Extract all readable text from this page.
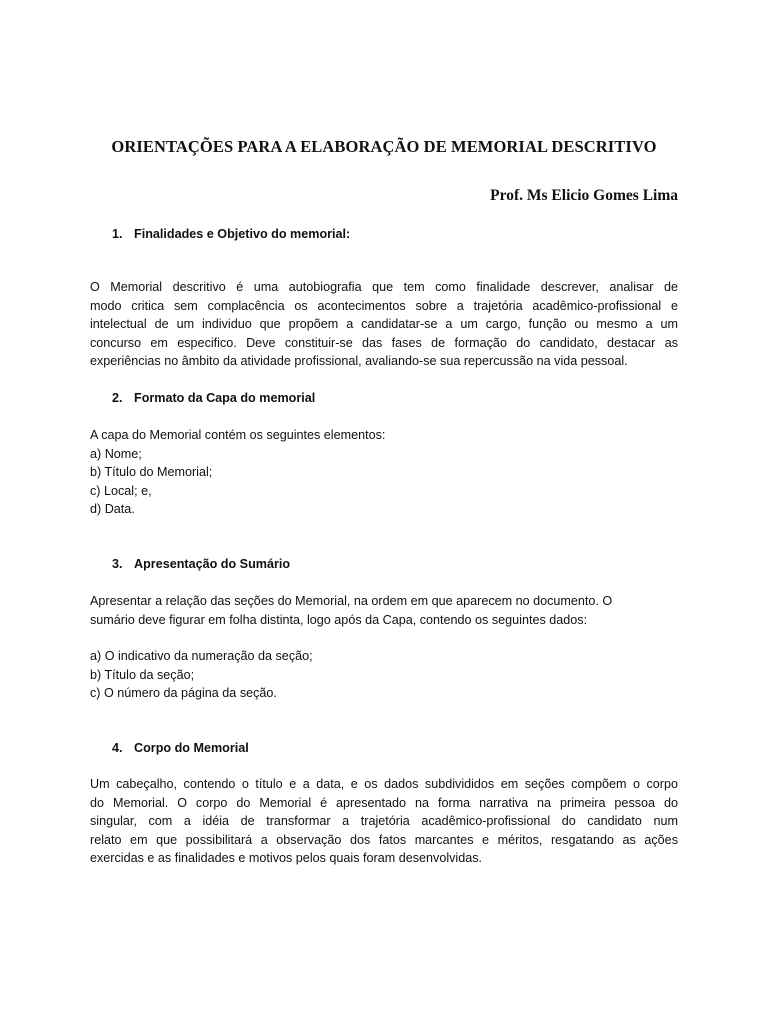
ORIENTAÇÕES PARA A ELABORAÇÃO DE MEMORIAL DESCRITIVO
Prof. Ms Elicio Gomes Lima
1. Finalidades e Objetivo do memorial:
O Memorial descritivo é uma autobiografia que tem como finalidade descrever, analisar de
modo critica sem complacência os acontecimentos sobre a trajetória acadêmico-profissional e
intelectual de um individuo que propõem a candidatar-se a um cargo, função ou mesmo a um
concurso em especifico. Deve constituir-se das fases de formação do candidato, destacar as
experiências no âmbito da atividade profissional, avaliando-se sua repercussão na vida pessoal.
2. Formato da Capa do memorial
A capa do Memorial contém os seguintes elementos:
a) Nome;
b) Título do Memorial;
c) Local; e,
d) Data.
3. Apresentação do Sumário
Apresentar a relação das seções do Memorial, na ordem em que aparecem no documento. O
sumário deve figurar em folha distinta, logo após da Capa, contendo os seguintes dados:
a) O indicativo da numeração da seção;
b) Título da seção;
c) O número da página da seção.
4. Corpo do Memorial
Um cabeçalho, contendo o título e a data, e os dados subdivididos em seções compõem o corpo
do Memorial. O corpo do Memorial é apresentado na forma narrativa na primeira pessoa do
singular, com a idéia de transformar a trajetória acadêmico-profissional do candidato num
relato em que possibilitará a observação dos fatos marcantes e méritos, resgatando as ações
exercidas e as finalidades e motivos pelos quais foram desenvolvidas.
